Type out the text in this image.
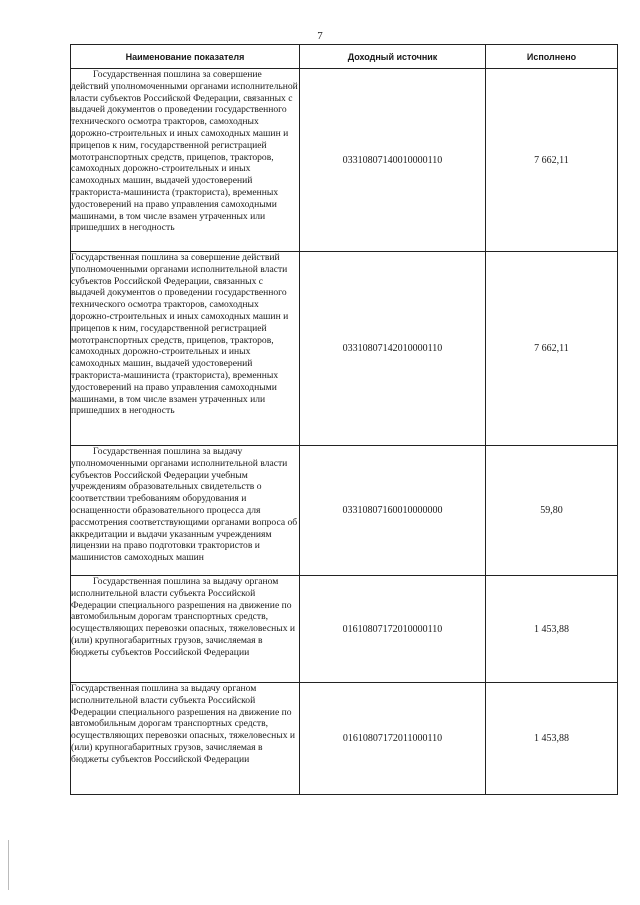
7
Наименование показателя	Доходный источник	Исполнено
Государственная пошлина за совершение действий уполномоченными органами исполнительной власти субъектов Российской Федерации, связанных с выдачей документов о проведении государственного технического осмотра тракторов, самоходных дорожно-строительных и иных самоходных машин и прицепов к ним, государственной регистрацией мототранспортных средств, прицепов, тракторов, самоходных дорожно-строительных и иных самоходных машин, выдачей удостоверений тракториста-машиниста (тракториста), временных удостоверений на право управления самоходными машинами, в том числе взамен утраченных или пришедших в негодность	03310807140010000110	7 662,11
Государственная пошлина за совершение действий уполномоченными органами исполнительной власти субъектов Российской Федерации, связанных с выдачей документов о проведении государственного технического осмотра тракторов, самоходных дорожно-строительных и иных самоходных машин и прицепов к ним, государственной регистрацией мототранспортных средств, прицепов, тракторов, самоходных дорожно-строительных и иных самоходных машин, выдачей удостоверений тракториста-машиниста (тракториста), временных удостоверений на право управления самоходными машинами, в том числе взамен утраченных или пришедших в негодность	03310807142010000110	7 662,11
Государственная пошлина за выдачу уполномоченными органами исполнительной власти субъектов Российской Федерации учебным учреждениям образовательных свидетельств о соответствии требованиям оборудования и оснащенности образовательного процесса для рассмотрения соответствующими органами вопроса об аккредитации и выдачи указанным учреждениям лицензии на право подготовки трактористов и машинистов самоходных машин	03310807160010000000	59,80
Государственная пошлина за выдачу органом исполнительной власти субъекта Российской Федерации специального разрешения на движение по автомобильным дорогам транспортных средств, осуществляющих перевозки опасных, тяжеловесных и (или) крупногабаритных грузов, зачисляемая в бюджеты субъектов Российской Федерации	01610807172010000110	1 453,88
Государственная пошлина за выдачу органом исполнительной власти субъекта Российской Федерации специального разрешения на движение по автомобильным дорогам транспортных средств, осуществляющих перевозки опасных, тяжеловесных и (или) крупногабаритных грузов, зачисляемая в бюджеты субъектов Российской Федерации	01610807172011000110	1 453,88
